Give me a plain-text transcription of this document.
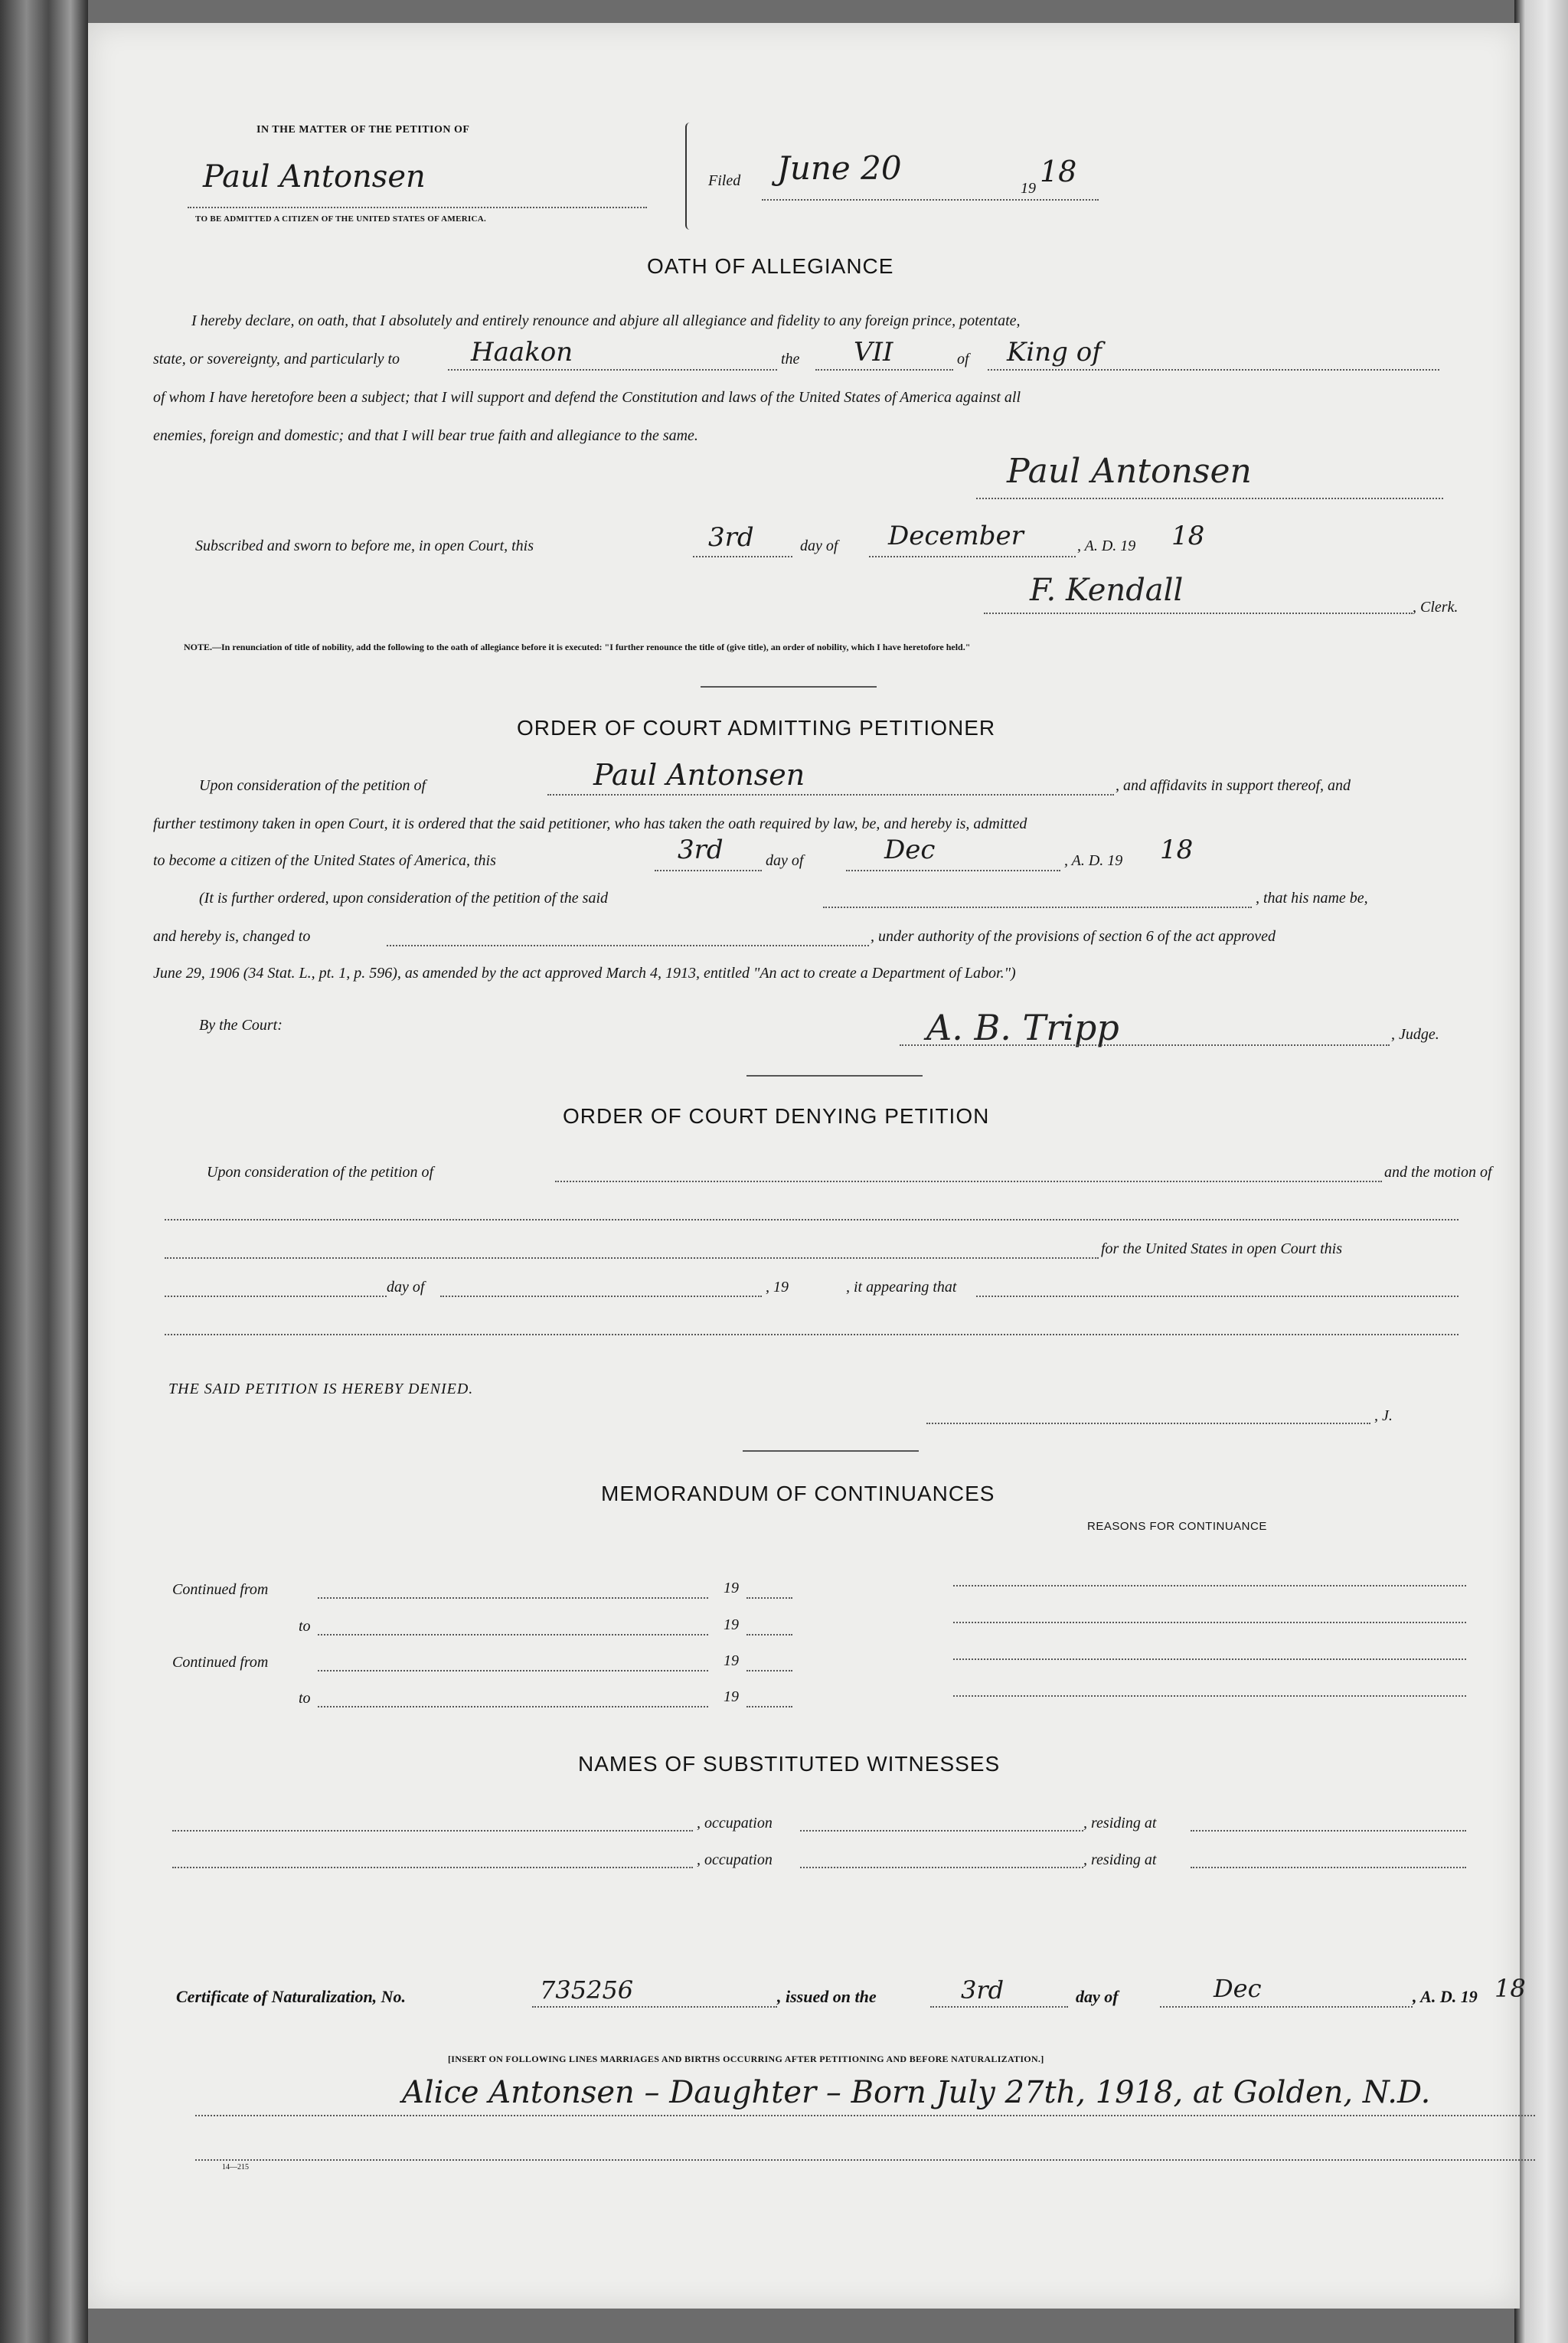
IN THE MATTER OF THE PETITION OF
Paul Antonsen
TO BE ADMITTED A CITIZEN OF THE UNITED STATES OF AMERICA.
Filed June 20
19 18
OATH OF ALLEGIANCE
I hereby declare, on oath, that I absolutely and entirely renounce and abjure all allegiance and fidelity to any foreign prince, potentate,
state, or sovereignty, and particularly to	Haakon	the VII	of King of
of whom I have heretofore been a subject; that I will support and defend the Constitution and laws of the United States of America against all
enemies, foreign and domestic; and that I will bear true faith and allegiance to the same.
Paul Antonsen
Subscribed and sworn to before me, in open Court, this	3rd	day of December	, A. D. 19 18
F. Kendall	, Clerk.
NOTE.—In renunciation of title of nobility, add the following to the oath of allegiance before it is executed: "I further renounce the title of (give title), an order of nobility, which I have heretofore held."
ORDER OF COURT ADMITTING PETITIONER
Upon consideration of the petition of	Paul Antonsen	, and affidavits in support thereof, and
further testimony taken in open Court, it is ordered that the said petitioner, who has taken the oath required by law, be, and hereby is, admitted
to become a citizen of the United States of America, this	3rd	day of	Dec	, A. D. 19 18
(It is further ordered, upon consideration of the petition of the said	, that his name be,
and hereby is, changed to	, under authority of the provisions of section 6 of the act approved
June 29, 1906 (34 Stat. L., pt. 1, p. 596), as amended by the act approved March 4, 1913, entitled "An act to create a Department of Labor.")
By the Court:	A. B. Tripp	, Judge.
ORDER OF COURT DENYING PETITION
Upon consideration of the petition of	and the motion of
for the United States in open Court this
day of	, 19	, it appearing that
THE SAID PETITION IS HEREBY DENIED.
, J.
MEMORANDUM OF CONTINUANCES
REASONS FOR CONTINUANCE
Continued from	19
to	19
Continued from	19
to	19
NAMES OF SUBSTITUTED WITNESSES
, occupation	, residing at
, occupation	, residing at
Certificate of Naturalization, No.	735256	, issued on the	3rd	day of	Dec	, A. D. 19 18
[INSERT ON FOLLOWING LINES MARRIAGES AND BIRTHS OCCURRING AFTER PETITIONING AND BEFORE NATURALIZATION.]
Alice Antonsen – Daughter – Born July 27th, 1918, at Golden, N.D.
14—215
